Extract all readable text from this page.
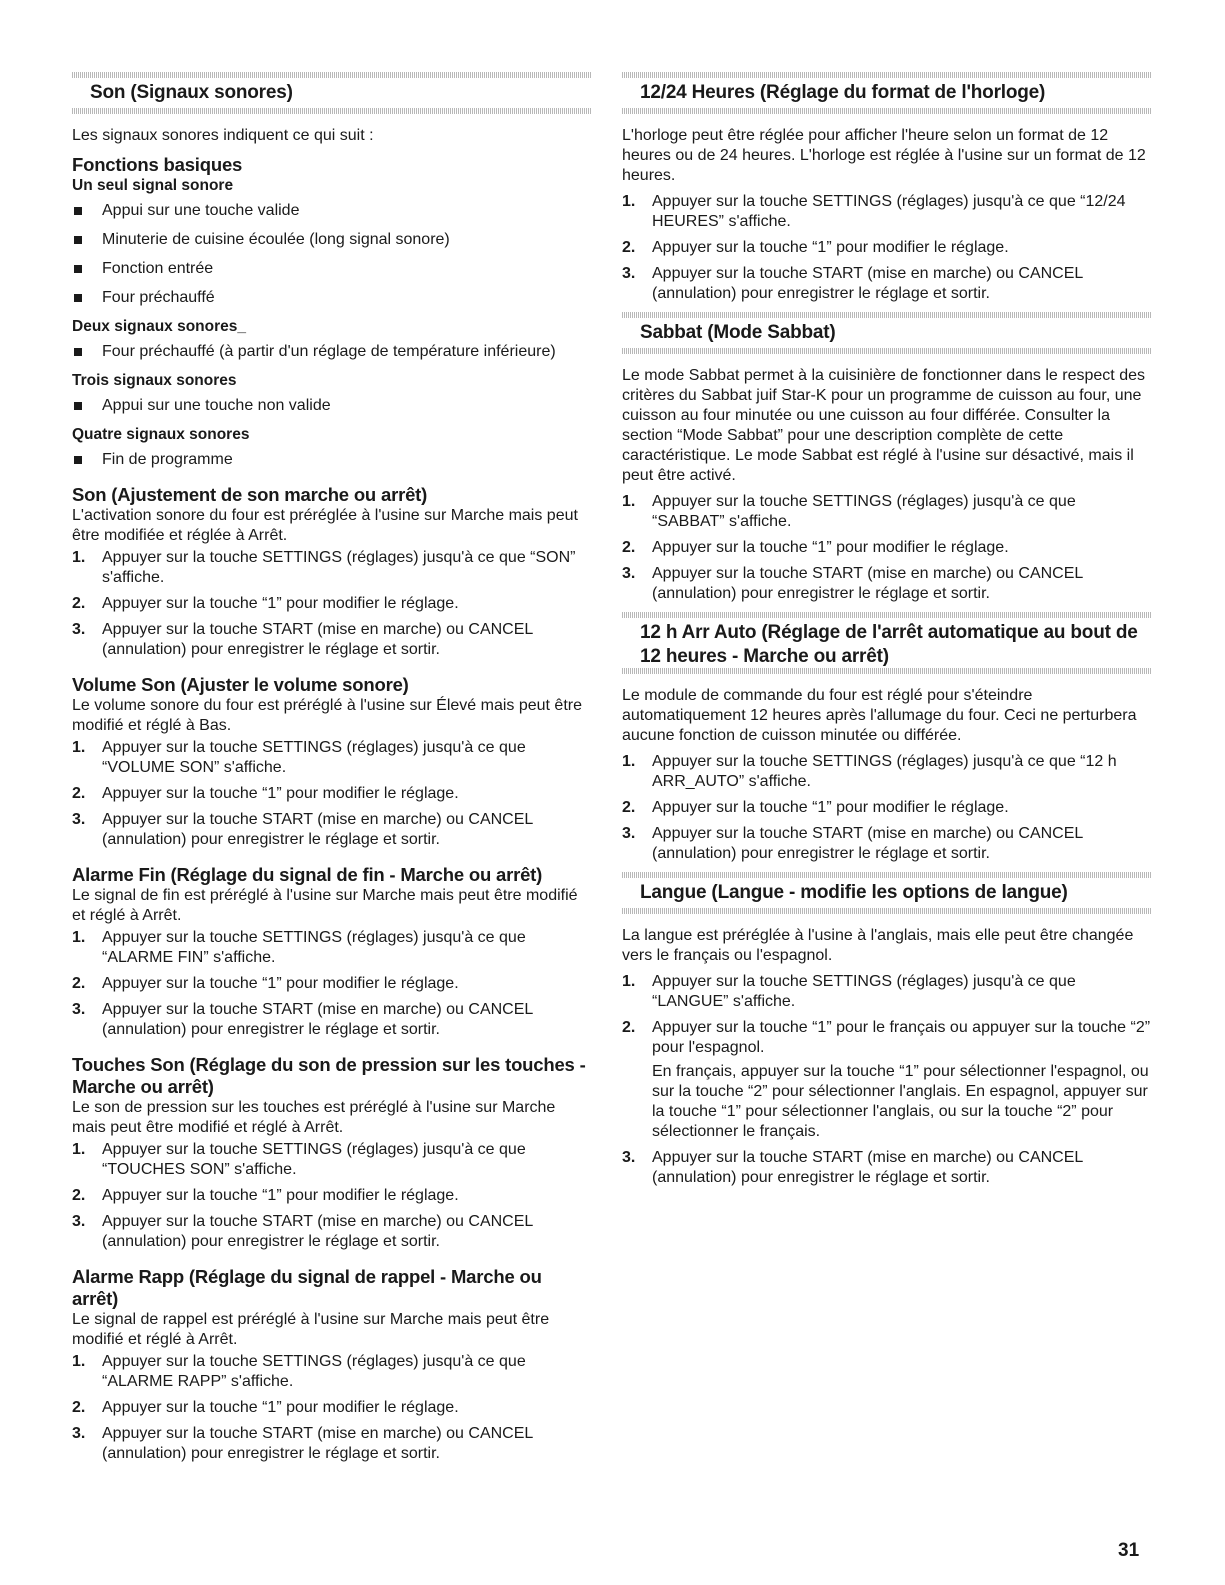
Son (Signaux sonores)

Les signaux sonores indiquent ce qui suit :

Fonctions basiques

Un seul signal sonore

Appui sur une touche valide
Minuterie de cuisine écoulée (long signal sonore)
Fonction entrée
Four préchauffé

Deux signaux sonores_

Four préchauffé (à partir d'un réglage de température inférieure)

Trois signaux sonores

Appui sur une touche non valide

Quatre signaux sonores

Fin de programme

Son (Ajustement de son marche ou arrêt)

L'activation sonore du four est préréglée à l'usine sur Marche mais peut être modifiée et réglée à Arrêt.

1. Appuyer sur la touche SETTINGS (réglages) jusqu'à ce que “SON” s'affiche.
2. Appuyer sur la touche “1” pour modifier le réglage.
3. Appuyer sur la touche START (mise en marche) ou CANCEL (annulation) pour enregistrer le réglage et sortir.

Volume Son (Ajuster le volume sonore)

Le volume sonore du four est préréglé à l'usine sur Élevé mais peut être modifié et réglé à Bas.

1. Appuyer sur la touche SETTINGS (réglages) jusqu'à ce que “VOLUME SON” s'affiche.
2. Appuyer sur la touche “1” pour modifier le réglage.
3. Appuyer sur la touche START (mise en marche) ou CANCEL (annulation) pour enregistrer le réglage et sortir.

Alarme Fin (Réglage du signal de fin - Marche ou arrêt)

Le signal de fin est préréglé à l'usine sur Marche mais peut être modifié et réglé à Arrêt.

1. Appuyer sur la touche SETTINGS (réglages) jusqu'à ce que “ALARME FIN” s'affiche.
2. Appuyer sur la touche “1” pour modifier le réglage.
3. Appuyer sur la touche START (mise en marche) ou CANCEL (annulation) pour enregistrer le réglage et sortir.

Touches Son (Réglage du son de pression sur les touches - Marche ou arrêt)

Le son de pression sur les touches est préréglé à l'usine sur Marche mais peut être modifié et réglé à Arrêt.

1. Appuyer sur la touche SETTINGS (réglages) jusqu'à ce que “TOUCHES SON” s'affiche.
2. Appuyer sur la touche “1” pour modifier le réglage.
3. Appuyer sur la touche START (mise en marche) ou CANCEL (annulation) pour enregistrer le réglage et sortir.

Alarme Rapp (Réglage du signal de rappel - Marche ou arrêt)

Le signal de rappel est préréglé à l'usine sur Marche mais peut être modifié et réglé à Arrêt.

1. Appuyer sur la touche SETTINGS (réglages) jusqu'à ce que “ALARME RAPP” s'affiche.
2. Appuyer sur la touche “1” pour modifier le réglage.
3. Appuyer sur la touche START (mise en marche) ou CANCEL (annulation) pour enregistrer le réglage et sortir.
12/24 Heures (Réglage du format de l'horloge)

L'horloge peut être réglée pour afficher l'heure selon un format de 12 heures ou de 24 heures. L'horloge est réglée à l'usine sur un format de 12 heures.

1. Appuyer sur la touche SETTINGS (réglages) jusqu'à ce que “12/24 HEURES” s'affiche.
2. Appuyer sur la touche “1” pour modifier le réglage.
3. Appuyer sur la touche START (mise en marche) ou CANCEL (annulation) pour enregistrer le réglage et sortir.
Sabbat (Mode Sabbat)

Le mode Sabbat permet à la cuisinière de fonctionner dans le respect des critères du Sabbat juif Star-K pour un programme de cuisson au four, une cuisson au four minutée ou une cuisson au four différée. Consulter la section “Mode Sabbat” pour une description complète de cette caractéristique. Le mode Sabbat est réglé à l'usine sur désactivé, mais il peut être activé.

1. Appuyer sur la touche SETTINGS (réglages) jusqu'à ce que “SABBAT” s'affiche.
2. Appuyer sur la touche “1” pour modifier le réglage.
3. Appuyer sur la touche START (mise en marche) ou CANCEL (annulation) pour enregistrer le réglage et sortir.
12 h Arr Auto (Réglage de l'arrêt automatique au bout de 12 heures - Marche ou arrêt)

Le module de commande du four est réglé pour s'éteindre automatiquement 12 heures après l'allumage du four. Ceci ne perturbera aucune fonction de cuisson minutée ou différée.

1. Appuyer sur la touche SETTINGS (réglages) jusqu'à ce que “12 h ARR_AUTO” s'affiche.
2. Appuyer sur la touche “1” pour modifier le réglage.
3. Appuyer sur la touche START (mise en marche) ou CANCEL (annulation) pour enregistrer le réglage et sortir.
Langue (Langue - modifie les options de langue)

La langue est préréglée à l'usine à l'anglais, mais elle peut être changée vers le français ou l'espagnol.

1. Appuyer sur la touche SETTINGS (réglages) jusqu'à ce que “LANGUE” s'affiche.
2. Appuyer sur la touche “1” pour le français ou appuyer sur la touche “2” pour l'espagnol.
En français, appuyer sur la touche “1” pour sélectionner l'espagnol, ou sur la touche “2” pour sélectionner l'anglais. En espagnol, appuyer sur la touche “1” pour sélectionner l'anglais, ou sur la touche “2” pour sélectionner le français.
3. Appuyer sur la touche START (mise en marche) ou CANCEL (annulation) pour enregistrer le réglage et sortir.
31
